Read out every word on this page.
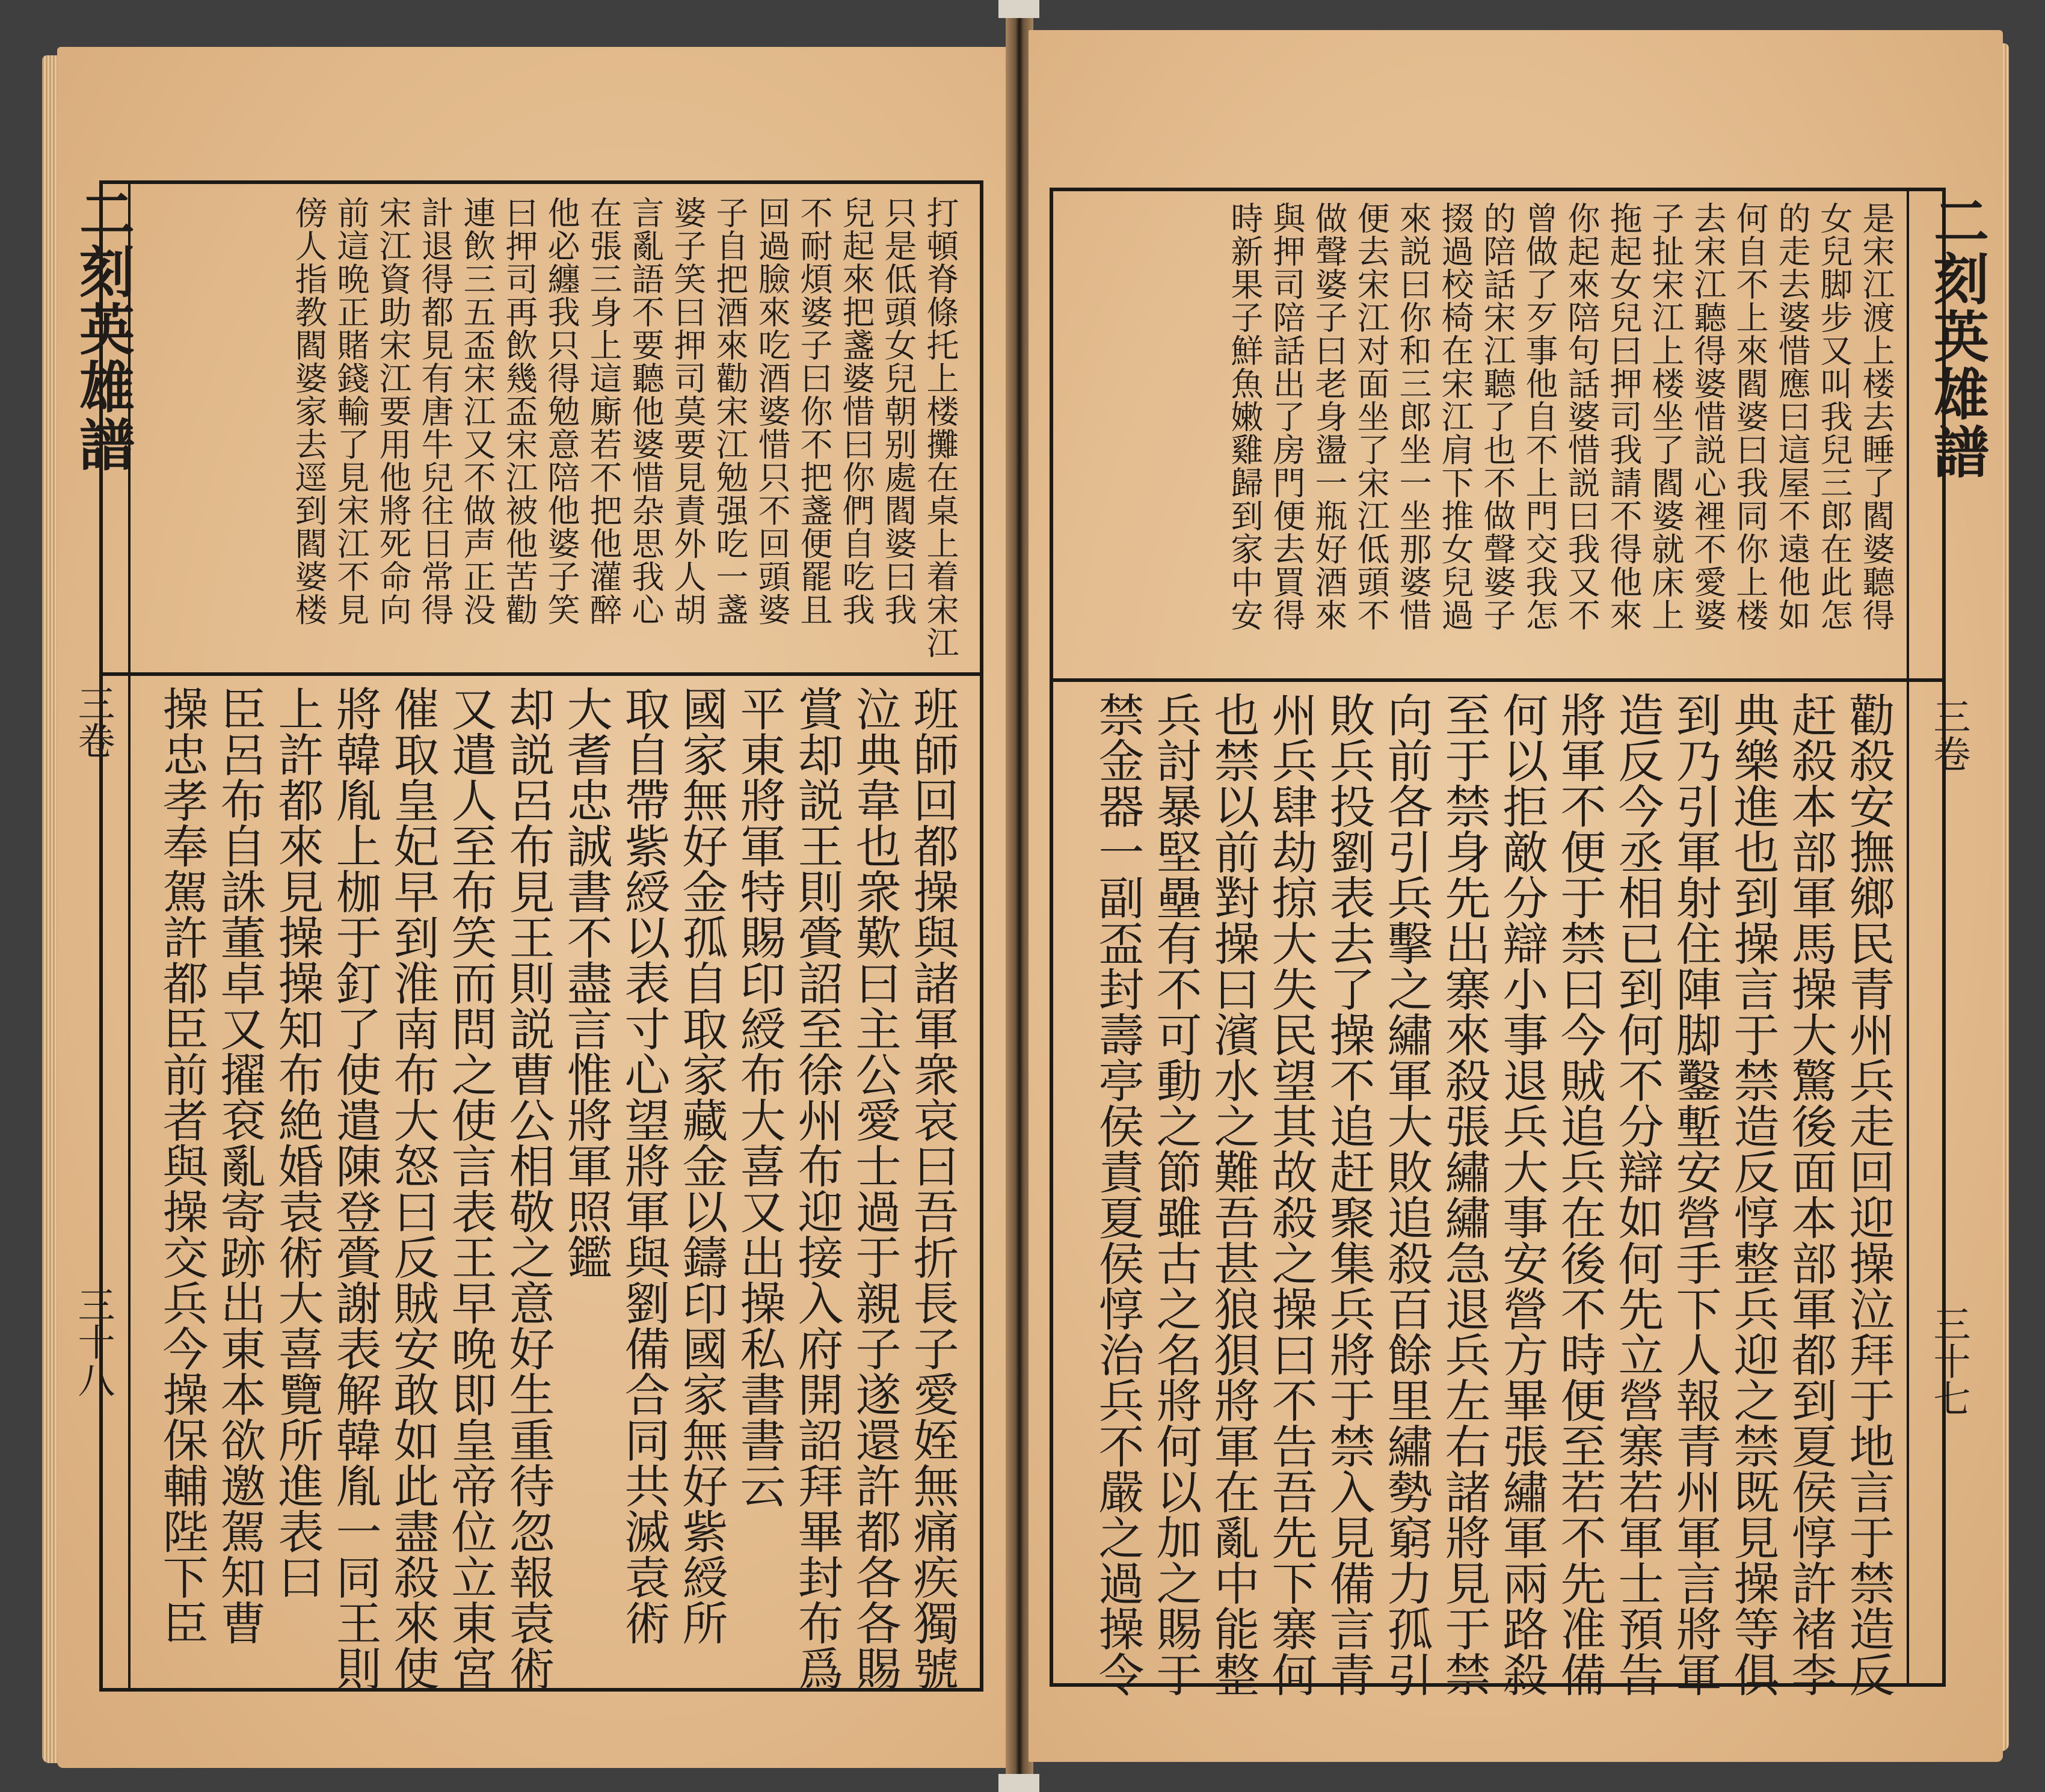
二刻英雄譜
三卷
三十八
打頓脊條托上楼攤在桌上着宋江
只是低頭女兒朝别處閻婆曰我
兒起來把盞婆惜曰你們自吃我
不耐煩婆子曰你不把盞便罷且
回過臉來吃酒婆惜只不回頭婆
子自把酒來勸宋江勉强吃一盞
婆子笑曰押司莫要見責外人胡
言亂語不要聽他婆惜杂思我心
在張三身上這廝若不把他灌醉
他必纏我只得勉意陪他婆子笑
曰押司再飲幾盃宋江被他苦勸
連飲三五盃宋江又不做声正没
計退得都見有唐牛兒往日常得
宋江資助宋江要用他將死命向
前這晩正賭錢輸了見宋江不見
傍人指教閻婆家去逕到閻婆楼
班師回都操與諸軍衆哀曰吾折長子愛姪無痛疾獨號
泣典韋也衆歎曰主公愛士過于親子遂還許都各各賜
賞却説王則賫詔至徐州布迎接入府開詔拜畢封布爲
平東將軍特賜印綬布大喜又出操私書書云
國家無好金孤自取家藏金以鑄印國家無好紫綬所
取自帶紫綬以表寸心望將軍與劉備合同共滅袁術
大耆忠誠書不盡言惟將軍照鑑
却説呂布見王則説曹公相敬之意好生重待忽報袁術
又遣人至布笑而問之使言表王早晚即皇帝位立東宮
催取皇妃早到淮南布大怒曰反賊安敢如此盡殺來使
將韓胤上枷于釘了使遣陳登賫謝表解韓胤一同王則
上許都來見操操知布絶婚袁術大喜覽所進表曰
臣呂布自誅董卓又擢袞亂寄跡出東本欲邀駕知曹
操忠孝奉駕許都臣前者與操交兵今操保輔陛下臣
二刻英雄譜
三卷
三十七
是宋江渡上楼去睡了閻婆聽得
女兒脚步又叫我兒三郎在此怎
的走去婆惜應曰這屋不遠他如
何自不上來閻婆曰我同你上楼
去宋江聽得婆惜説心裡不愛婆
子扯宋江上楼坐了閻婆就床上
拖起女兒曰押司我請不得他來
你起來陪句話婆惜説曰我又不
曾做了歹事他自不上門交我怎
的陪話宋江聽了也不做聲婆子
掇過校椅在宋江肩下推女兒過
來説曰你和三郎坐一坐那婆惜
便去宋江对面坐了宋江低頭不
做聲婆子曰老身盪一瓶好酒來
與押司陪話出了房門便去買得
時新果子鮮魚嫩雞歸到家中安
勸殺安撫鄉民青州兵走回迎操泣拜于地言于禁造反
赶殺本部軍馬操大驚後面本部軍都到夏侯惇許褚李
典樂進也到操言于禁造反惇整兵迎之禁既見操等俱
到乃引軍射住陣脚鑿塹安營手下人報青州軍言將軍
造反今丞相已到何不分辯如何先立營寨若軍士預告
將軍不便于禁曰今賊追兵在後不時便至若不先准備
何以拒敵分辯小事退兵大事安營方畢張繡軍兩路殺
至于禁身先出寨來殺張繡繡急退兵左右諸將見于禁
向前各引兵擊之繡軍大敗追殺百餘里繡勢窮力孤引
敗兵投劉表去了操不追赶聚集兵將于禁入見備言青
州兵肆劫掠大失民望其故殺之操曰不告吾先下寨何
也禁以前對操曰濱水之難吾甚狼狽將軍在亂中能整
兵討暴堅壘有不可動之節雖古之名將何以加之賜于
禁金器一副盃封壽亭侯責夏侯惇治兵不嚴之過操令
